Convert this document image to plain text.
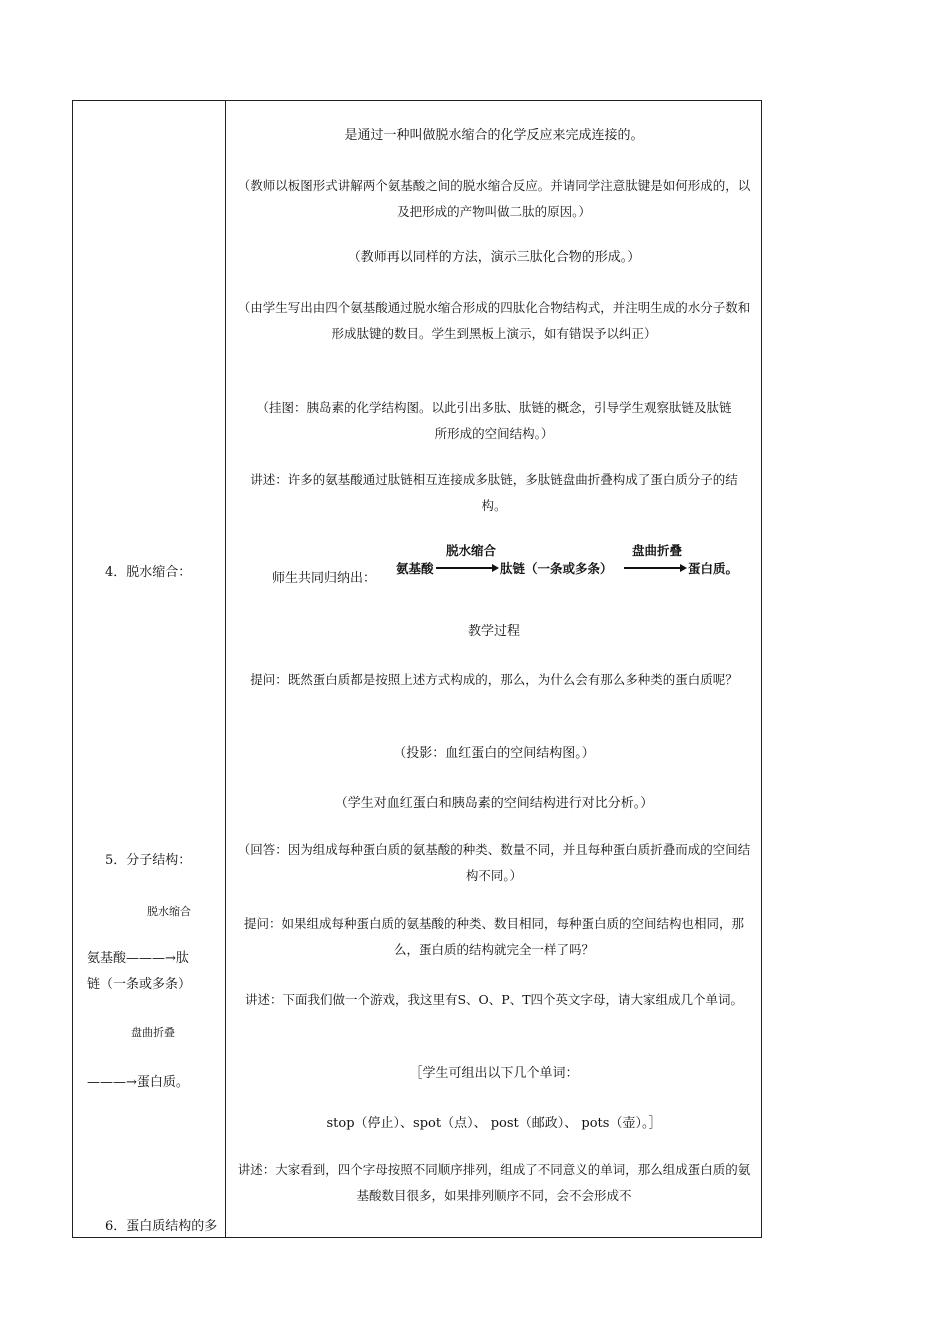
4．脱水缩合：
5．分子结构：
脱水缩合
氨基酸———→肽
链（一条或多条）
盘曲折叠
———→蛋白质。
6．蛋白质结构的多
是通过一种叫做脱水缩合的化学反应来完成连接的。
（教师以板图形式讲解两个氨基酸之间的脱水缩合反应。并请同学注意肽键是如何形成的，以及把形成的产物叫做二肽的原因。）
（教师再以同样的方法，演示三肽化合物的形成。）
（由学生写出由四个氨基酸通过脱水缩合形成的四肽化合物结构式，并注明生成的水分子数和形成肽键的数目。学生到黑板上演示，如有错误予以纠正）
（挂图：胰岛素的化学结构图。以此引出多肽、肽链的概念，引导学生观察肽链及肽链所形成的空间结构。）
讲述：许多的氨基酸通过肽链相互连接成多肽链，多肽链盘曲折叠构成了蛋白质分子的结构。
师生共同归纳出：
氨基酸
脱水缩合
肽链（一条或多条）
盘曲折叠
蛋白质。
教学过程
提问：既然蛋白质都是按照上述方式构成的，那么，为什么会有那么多种类的蛋白质呢？
（投影：血红蛋白的空间结构图。）
（学生对血红蛋白和胰岛素的空间结构进行对比分析。）
（回答：因为组成每种蛋白质的氨基酸的种类、数量不同，并且每种蛋白质折叠而成的空间结构不同。）
提问：如果组成每种蛋白质的氨基酸的种类、数目相同，每种蛋白质的空间结构也相同，那么，蛋白质的结构就完全一样了吗？
讲述：下面我们做一个游戏，我这里有S、O、P、T四个英文字母，请大家组成几个单词。
［学生可组出以下几个单词：
stop（停止）、spot（点）、 post（邮政）、 pots（壶）。］
讲述：大家看到，四个字母按照不同顺序排列，组成了不同意义的单词，那么组成蛋白质的氨基酸数目很多，如果排列顺序不同，会不会形成不
